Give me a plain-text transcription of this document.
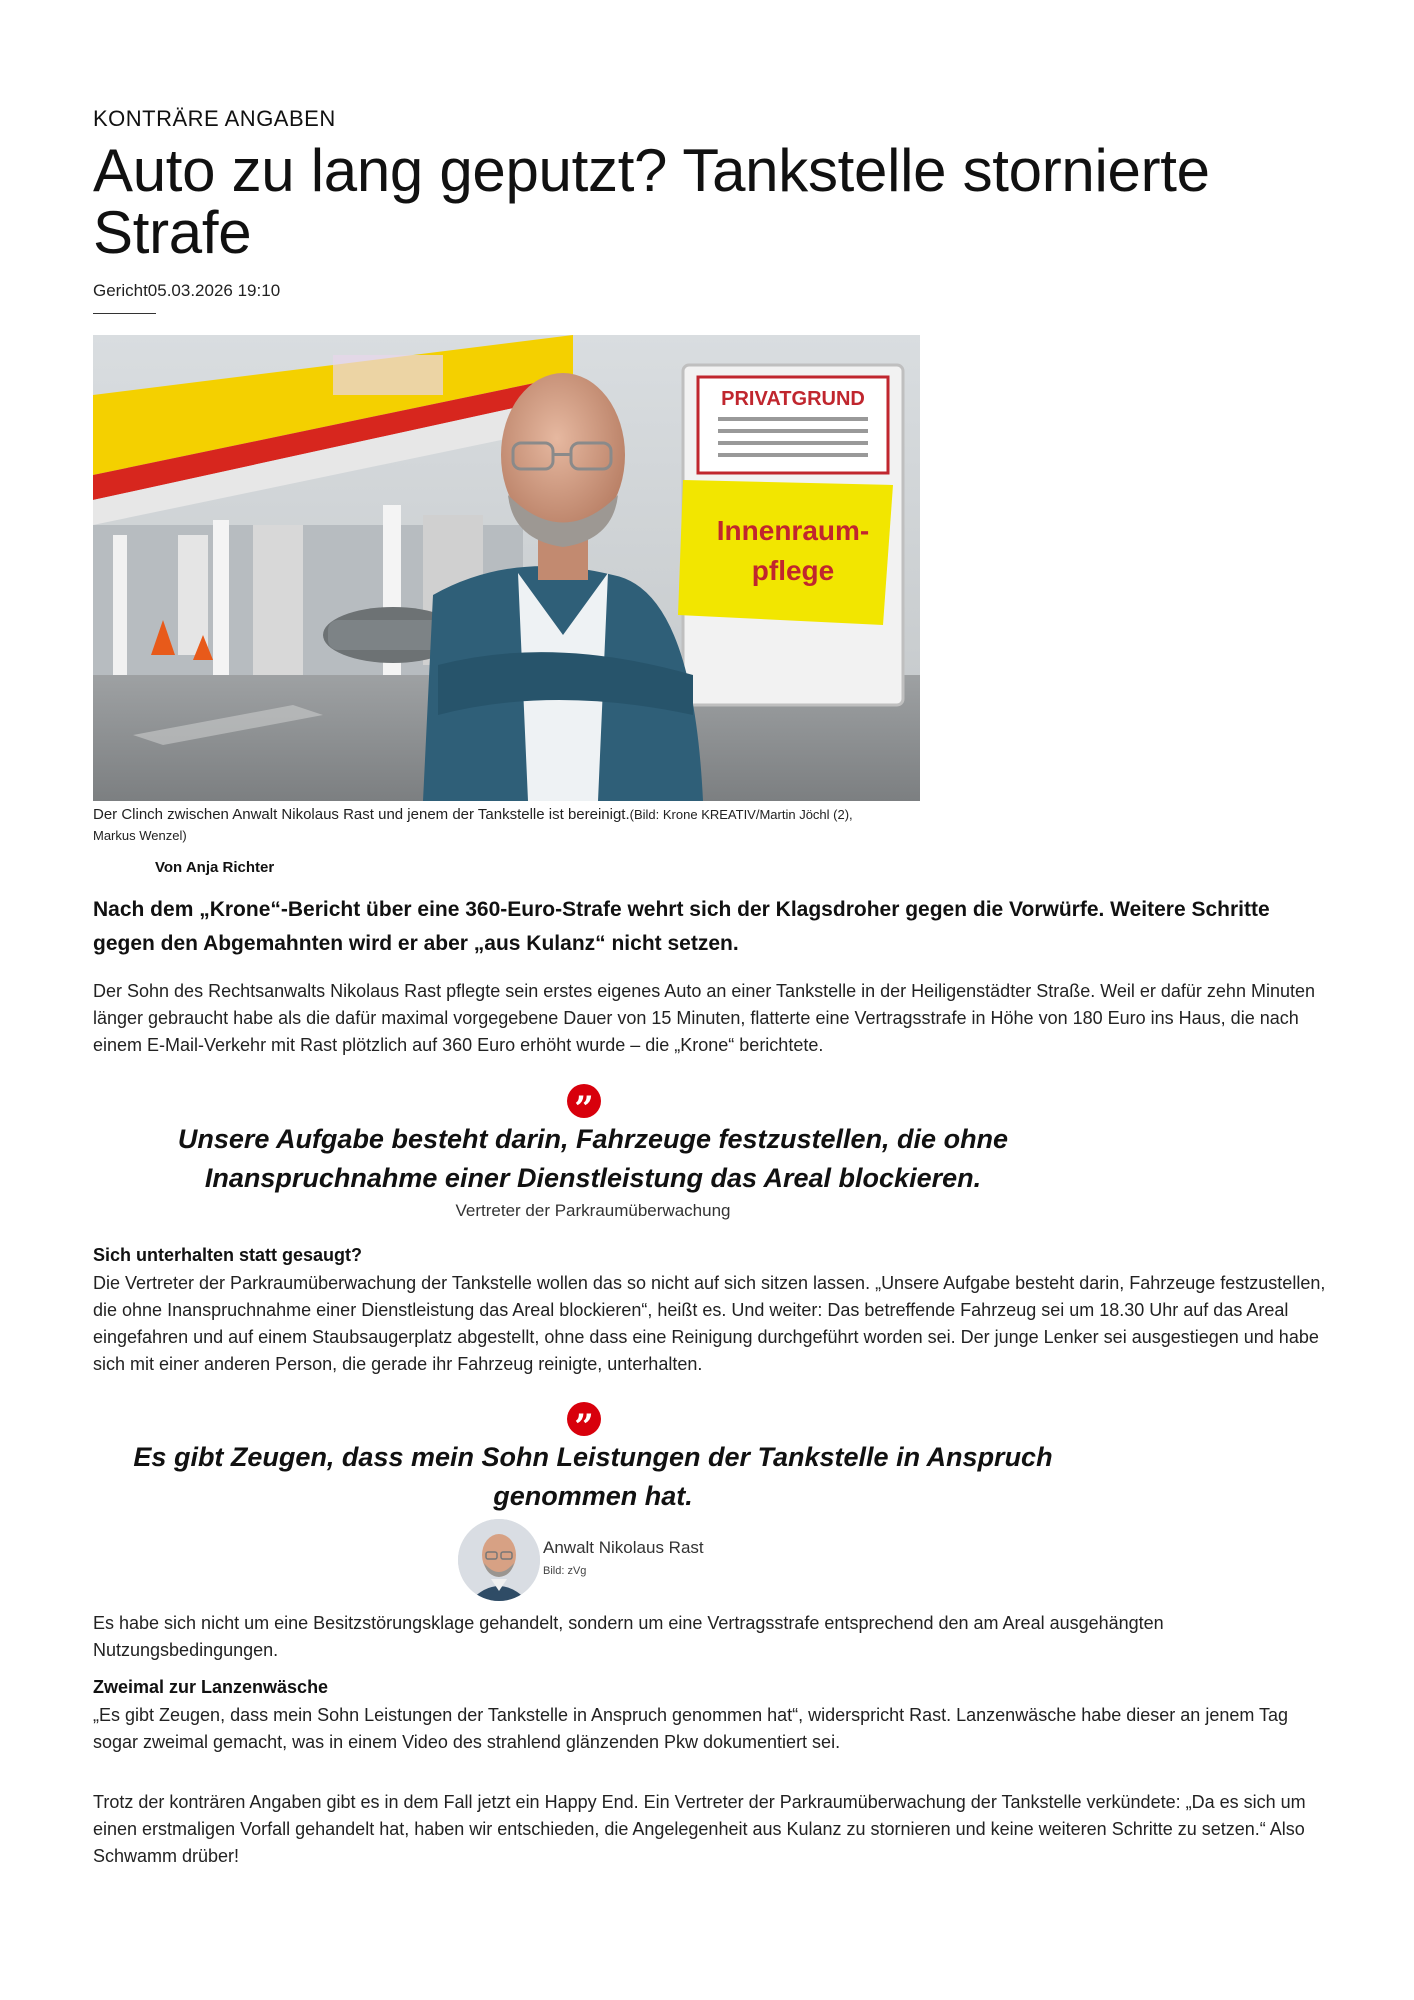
KONTRÄRE ANGABEN
Auto zu lang geputzt? Tankstelle stornierte Strafe
Gericht05.03.2026 19:10
PRIVATGRUND
Innenraum-
pflege
Der Clinch zwischen Anwalt Nikolaus Rast und jenem der Tankstelle ist bereinigt.(Bild: Krone KREATIV/Martin Jöchl (2), Markus Wenzel)
Von Anja Richter

Nach dem „Krone“-Bericht über eine 360-Euro-Strafe wehrt sich der Klagsdroher gegen die Vorwürfe. Weitere Schritte gegen den Abgemahnten wird er aber „aus Kulanz“ nicht setzen.

Der Sohn des Rechtsanwalts Nikolaus Rast pflegte sein erstes eigenes Auto an einer Tankstelle in der Heiligenstädter Straße. Weil er dafür zehn Minuten länger gebraucht habe als die dafür maximal vorgegebene Dauer von 15 Minuten, flatterte eine Vertragsstrafe in Höhe von 180 Euro ins Haus, die nach einem E-Mail-Verkehr mit Rast plötzlich auf 360 Euro erhöht wurde – die „Krone“ berichtete.

”
Unsere Aufgabe besteht darin, Fahrzeuge festzustellen, die ohne
Inanspruchnahme einer Dienstleistung das Areal blockieren.
Vertreter der Parkraumüberwachung
Sich unterhalten statt gesaugt?

Die Vertreter der Parkraumüberwachung der Tankstelle wollen das so nicht auf sich sitzen lassen. „Unsere Aufgabe besteht darin, Fahrzeuge festzustellen, die ohne Inanspruchnahme einer Dienstleistung das Areal blockieren“, heißt es. Und weiter: Das betreffende Fahrzeug sei um 18.30 Uhr auf das Areal eingefahren und auf einem Staubsaugerplatz abgestellt, ohne dass eine Reinigung durchgeführt worden sei. Der junge Lenker sei ausgestiegen und habe sich mit einer anderen Person, die gerade ihr Fahrzeug reinigte, unterhalten.

”
Es gibt Zeugen, dass mein Sohn Leistungen der Tankstelle in Anspruch
genommen hat.
Anwalt Nikolaus Rast
Bild: zVg

Es habe sich nicht um eine Besitzstörungsklage gehandelt, sondern um eine Vertragsstrafe entsprechend den am Areal ausgehängten Nutzungsbedingungen.

Zweimal zur Lanzenwäsche

„Es gibt Zeugen, dass mein Sohn Leistungen der Tankstelle in Anspruch genommen hat“, widerspricht Rast. Lanzenwäsche habe dieser an jenem Tag sogar zweimal gemacht, was in einem Video des strahlend glänzenden Pkw dokumentiert sei.

Trotz der konträren Angaben gibt es in dem Fall jetzt ein Happy End. Ein Vertreter der Parkraumüberwachung der Tankstelle verkündete: „Da es sich um einen erstmaligen Vorfall gehandelt hat, haben wir entschieden, die Angelegenheit aus Kulanz zu stornieren und keine weiteren Schritte zu setzen.“ Also Schwamm drüber!
